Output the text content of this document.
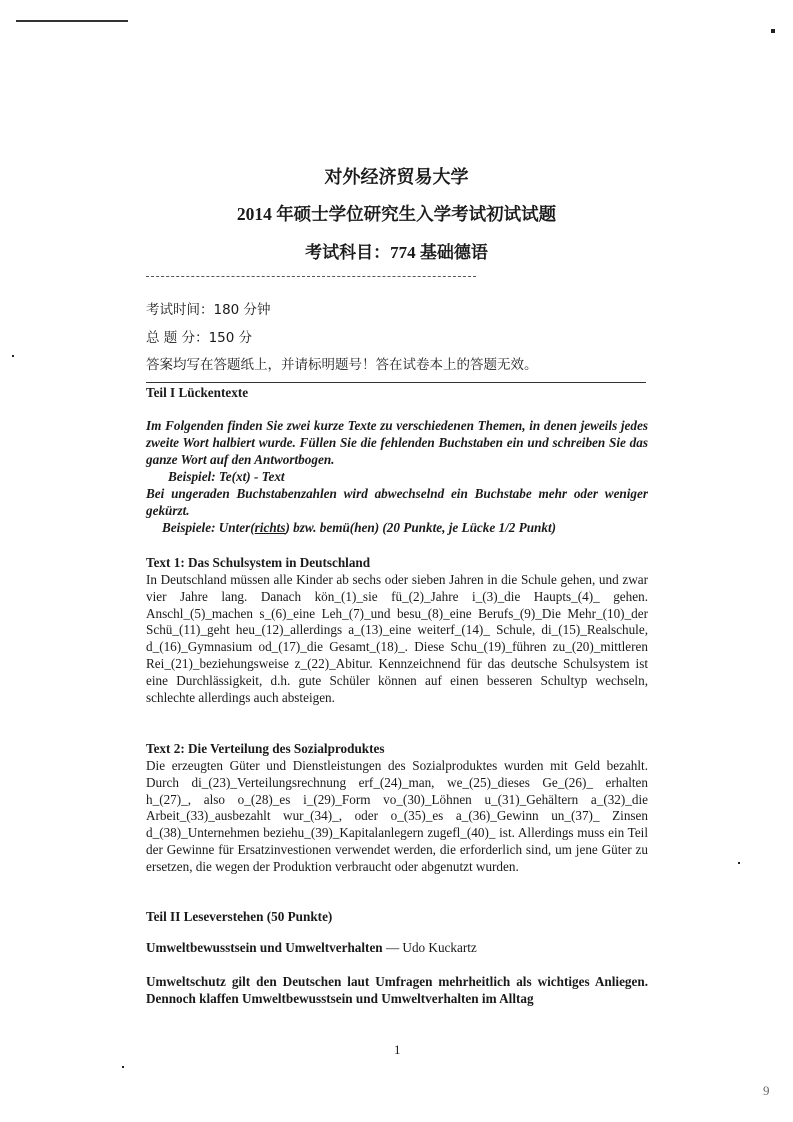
对外经济贸易大学
2014 年硕士学位研究生入学考试初试试题
考试科目：774 基础德语
考试时间：180 分钟
总 题 分：150 分
答案均写在答题纸上，并请标明题号！答在试卷本上的答题无效。
Teil I Lückentexte
Im Folgenden finden Sie zwei kurze Texte zu verschiedenen Themen, in denen jeweils jedes zweite Wort halbiert wurde. Füllen Sie die fehlenden Buchstaben ein und schreiben Sie das ganze Wort auf den Antwortbogen.
Beispiel: Te(xt) - Text
Bei ungeraden Buchstabenzahlen wird abwechselnd ein Buchstabe mehr oder weniger gekürzt.
Beispiele: Unter(richts) bzw. bemü(hen) (20 Punkte, je Lücke 1/2 Punkt)
Text 1: Das Schulsystem in Deutschland
In Deutschland müssen alle Kinder ab sechs oder sieben Jahren in die Schule gehen, und zwar vier Jahre lang. Danach kön_(1)_sie fü_(2)_Jahre i_(3)_die Haupts_(4)_ gehen. Anschl_(5)_machen s_(6)_eine Leh_(7)_und besu_(8)_eine Berufs_(9)_Die Mehr_(10)_der Schü_(11)_geht heu_(12)_allerdings a_(13)_eine weiterf_(14)_ Schule, di_(15)_Realschule, d_(16)_Gymnasium od_(17)_die Gesamt_(18)_. Diese Schu_(19)_führen zu_(20)_mittleren Rei_(21)_beziehungsweise z_(22)_Abitur. Kennzeichnend für das deutsche Schulsystem ist eine Durchlässigkeit, d.h. gute Schüler können auf einen besseren Schultyp wechseln, schlechte allerdings auch absteigen.
Text 2: Die Verteilung des Sozialproduktes
Die erzeugten Güter und Dienstleistungen des Sozialproduktes wurden mit Geld bezahlt. Durch di_(23)_Verteilungsrechnung erf_(24)_man, we_(25)_dieses Ge_(26)_ erhalten h_(27)_, also o_(28)_es i_(29)_Form vo_(30)_Löhnen u_(31)_Gehältern a_(32)_die Arbeit_(33)_ausbezahlt wur_(34)_, oder o_(35)_es a_(36)_Gewinn un_(37)_ Zinsen d_(38)_Unternehmen beziehu_(39)_Kapitalanlegern zugefl_(40)_ ist. Allerdings muss ein Teil der Gewinne für Ersatzinvestionen verwendet werden, die erforderlich sind, um jene Güter zu ersetzen, die wegen der Produktion verbraucht oder abgenutzt wurden.
Teil II Leseverstehen (50 Punkte)
Umweltbewusstsein und Umweltverhalten — Udo Kuckartz
Umweltschutz gilt den Deutschen laut Umfragen mehrheitlich als wichtiges Anliegen. Dennoch klaffen Umweltbewusstsein und Umweltverhalten im Alltag
1
9
